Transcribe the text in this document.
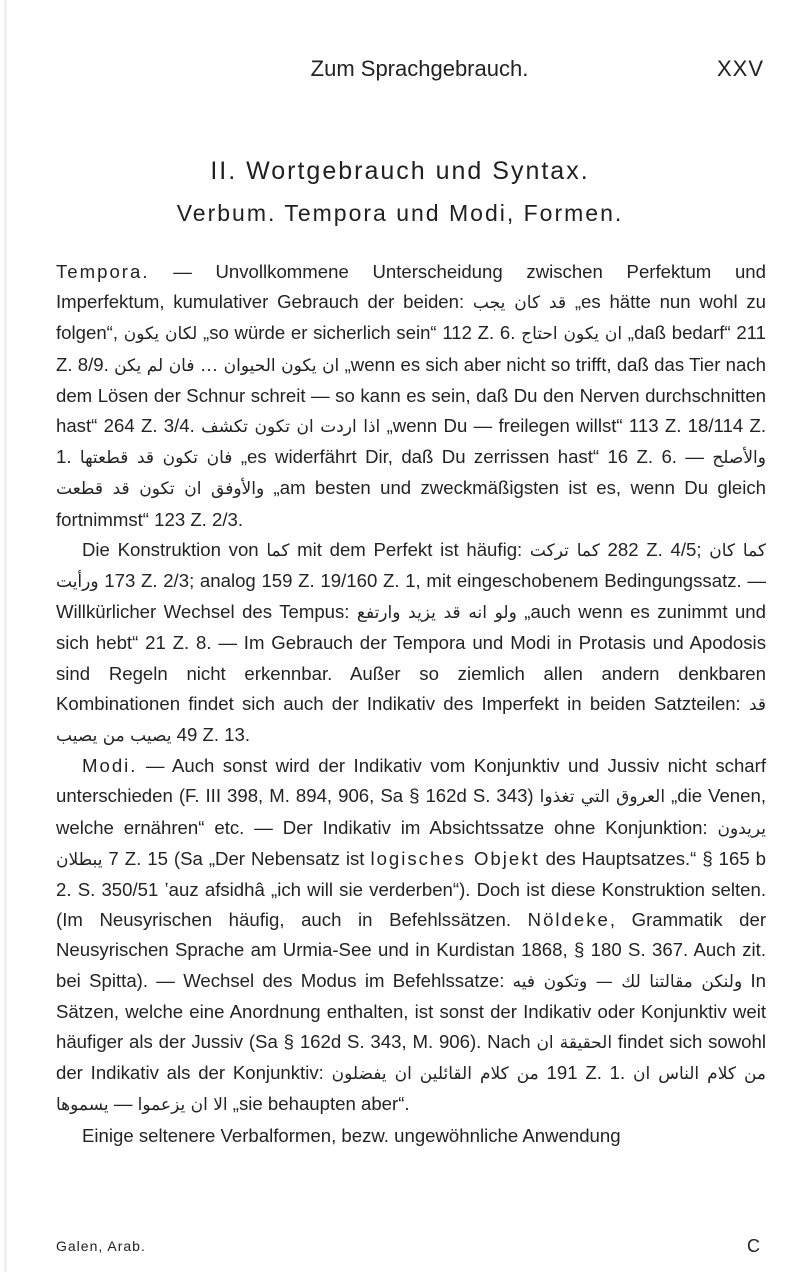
Zum Sprachgebrauch.	XXV
II. Wortgebrauch und Syntax.
Verbum. Tempora und Modi, Formen.

Tempora. — Unvollkommene Unterscheidung zwischen Perfektum und Imperfektum, kumulativer Gebrauch der beiden: قد كان يجب „es hätte nun wohl zu folgen“, لكان يكون „so würde er sicherlich sein“ 112 Z. 6. ان يكون احتاج „daß bedarf“ 211 Z. 8/9. فان لم يكن … ان يكون الحيوان „wenn es sich aber nicht so trifft, daß das Tier nach dem Lösen der Schnur schreit — so kann es sein, daß Du den Nerven durchschnitten hast“ 264 Z. 3/4. اذا اردت ان تكون تكشف „wenn Du — freilegen willst“ 113 Z. 18/114 Z. 1. فان تكون قد قطعتها „es widerfährt Dir, daß Du zerrissen hast“ 16 Z. 6. — والأصلح والأوفق ان تكون قد قطعت „am besten und zweckmäßigsten ist es, wenn Du gleich fortnimmst“ 123 Z. 2/3.

Die Konstruktion von كما mit dem Perfekt ist häufig: كما تركت 282 Z. 4/5; كما كان ورأيت 173 Z. 2/3; analog 159 Z. 19/160 Z. 1, mit eingeschobenem Bedingungssatz. — Willkürlicher Wechsel des Tempus: ولو انه قد يزيد وارتفع „auch wenn es zunimmt und sich hebt“ 21 Z. 8. — Im Gebrauch der Tempora und Modi in Protasis und Apodosis sind Regeln nicht erkennbar. Außer so ziemlich allen andern denkbaren Kombinationen findet sich auch der Indikativ des Imperfekt in beiden Satzteilen: قد يصيب من يصيب 49 Z. 13.

Modi. — Auch sonst wird der Indikativ vom Konjunktiv und Jussiv nicht scharf unterschieden (F. III 398, M. 894, 906, Sa § 162d S. 343) العروق التي تغذوا „die Venen, welche ernähren“ etc. — Der Indikativ im Absichtssatze ohne Konjunktion: يريدون يبطلان 7 Z. 15 (Sa „Der Nebensatz ist logisches Objekt des Hauptsatzes.“ § 165 b 2. S. 350/51 ʽauz afsidhâ „ich will sie verderben“). Doch ist diese Konstruktion selten. (Im Neusyrischen häufig, auch in Befehlssätzen. Nöldeke, Grammatik der Neusyrischen Sprache am Urmia-See und in Kurdistan 1868, § 180 S. 367. Auch zit. bei Spitta). — Wechsel des Modus im Befehlssatze: ولنكن مقالتنا لك — وتكون فيه In Sätzen, welche eine Anordnung enthalten, ist sonst der Indikativ oder Konjunktiv weit häufiger als der Jussiv (Sa § 162d S. 343, M. 906). Nach الحقيقة ان findet sich sowohl der Indikativ als der Konjunktiv: من كلام القائلين ان يفضلون 191 Z. 1. من كلام الناس ان يسموها — الا ان يزعموا „sie behaupten aber“.

Einige seltenere Verbalformen, bezw. ungewöhnliche Anwendung

Galen, Arab.	C
